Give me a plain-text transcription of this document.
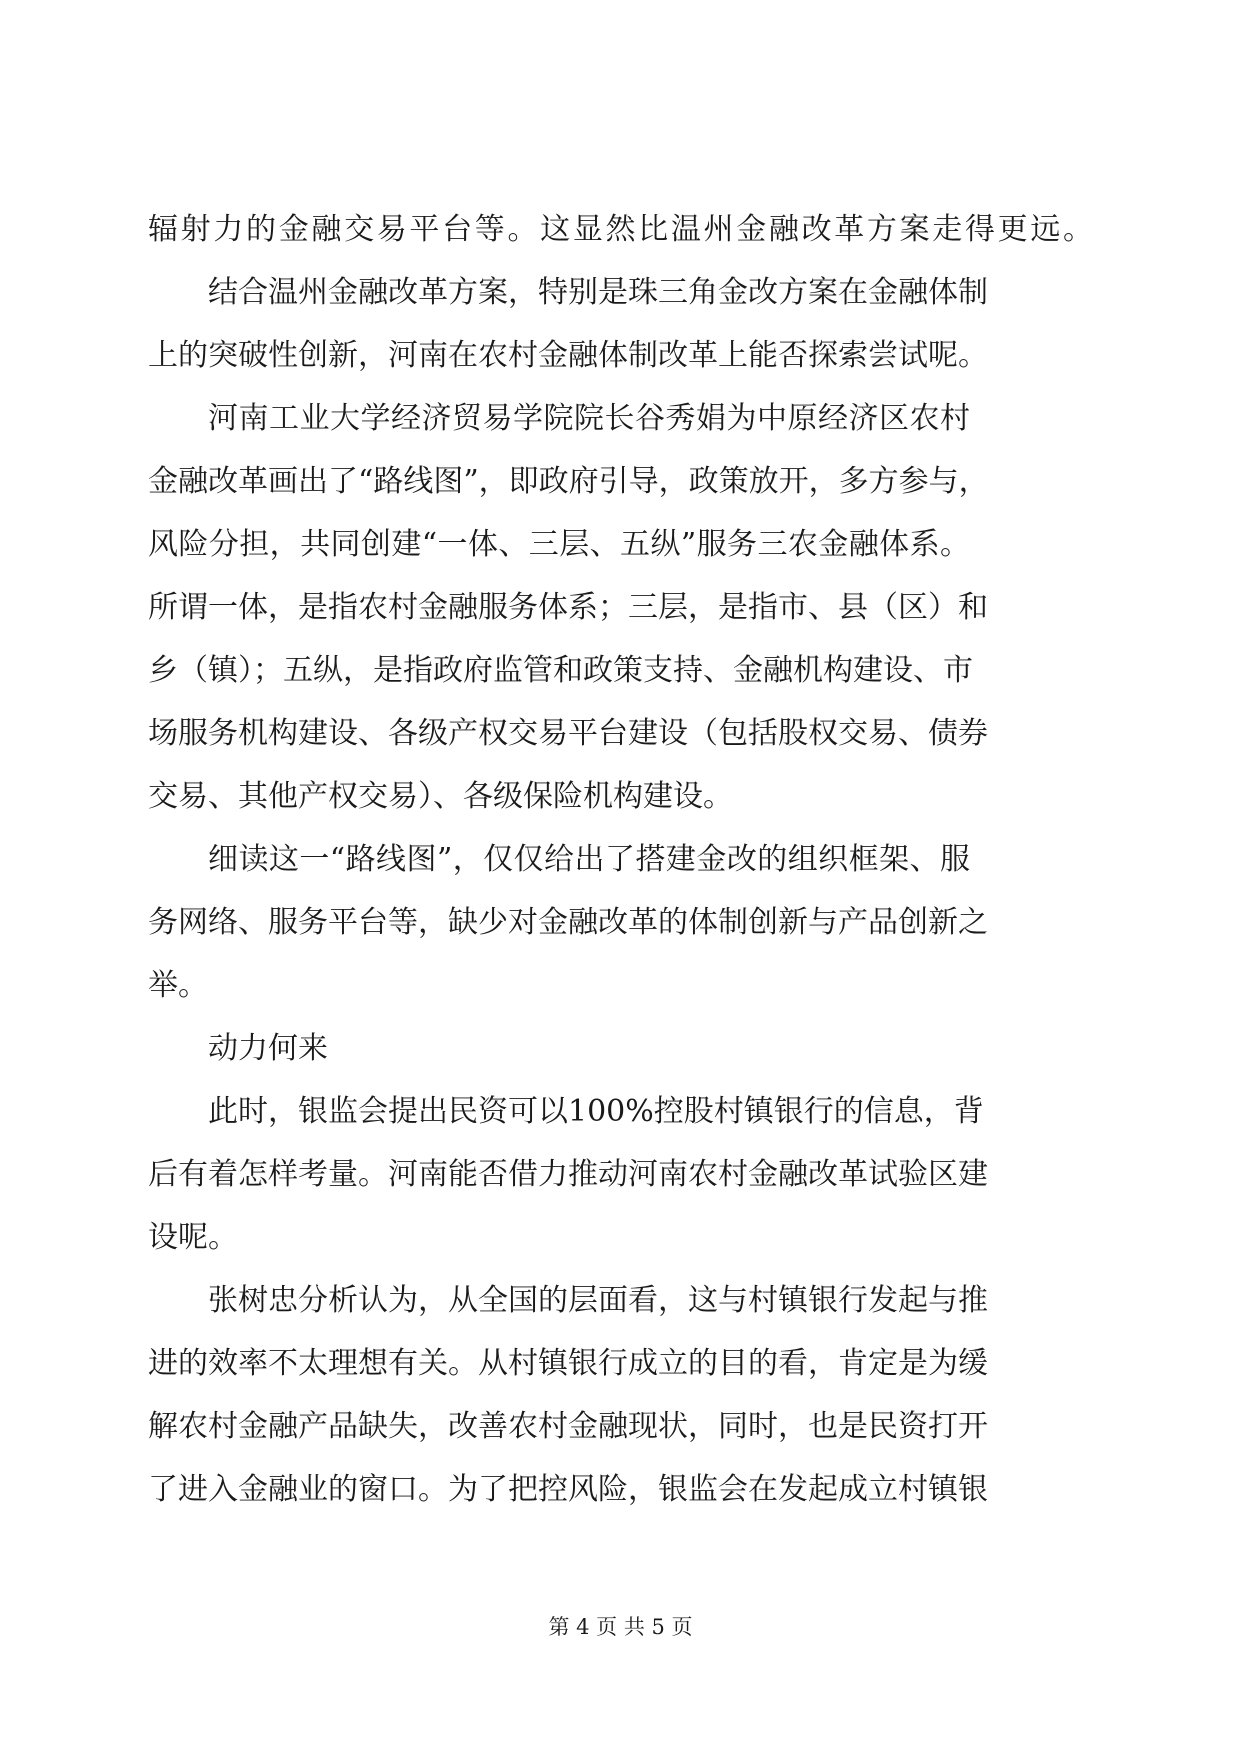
辐射力的金融交易平台等。这显然比温州金融改革方案走得更远。
结合温州金融改革方案，特别是珠三角金改方案在金融体制
上的突破性创新，河南在农村金融体制改革上能否探索尝试呢。
河南工业大学经济贸易学院院长谷秀娟为中原经济区农村
金融改革画出了“路线图”，即政府引导，政策放开，多方参与，
风险分担，共同创建“一体、三层、五纵”服务三农金融体系。
所谓一体，是指农村金融服务体系；三层，是指市、县（区）和
乡（镇）；五纵，是指政府监管和政策支持、金融机构建设、市
场服务机构建设、各级产权交易平台建设（包括股权交易、债券
交易、其他产权交易）、各级保险机构建设。
细读这一“路线图”，仅仅给出了搭建金改的组织框架、服
务网络、服务平台等，缺少对金融改革的体制创新与产品创新之
举。
动力何来
此时，银监会提出民资可以100%控股村镇银行的信息，背
后有着怎样考量。河南能否借力推动河南农村金融改革试验区建
设呢。
张树忠分析认为，从全国的层面看，这与村镇银行发起与推
进的效率不太理想有关。从村镇银行成立的目的看，肯定是为缓
解农村金融产品缺失，改善农村金融现状，同时，也是民资打开
了进入金融业的窗口。为了把控风险，银监会在发起成立村镇银
第 4 页 共 5 页
